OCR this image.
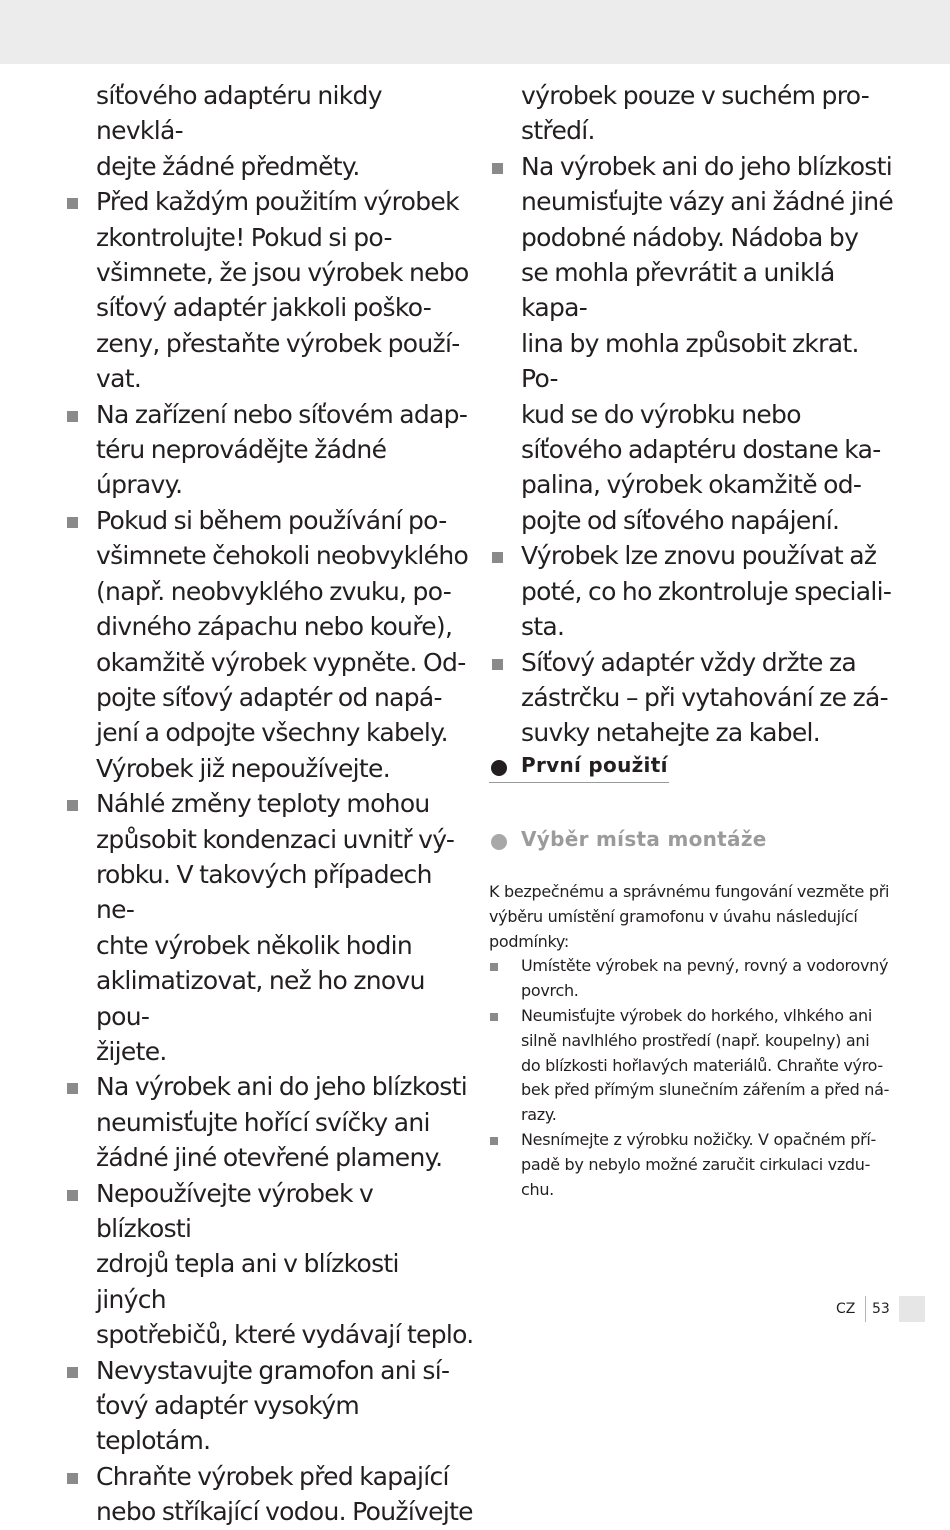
síťového adaptéru nikdy nevklá-

dejte žádné předměty.

Před každým použitím výrobek

zkontrolujte! Pokud si po-

všimnete, že jsou výrobek nebo

síťový adaptér jakkoli poško-

zeny, přestaňte výrobek použí-

vat.

Na zařízení nebo síťovém adap-

téru neprovádějte žádné úpravy.

Pokud si během používání po-

všimnete čehokoli neobvyklého

(např. neobvyklého zvuku, po-

divného zápachu nebo kouře),

okamžitě výrobek vypněte. Od-

pojte síťový adaptér od napá-

jení a odpojte všechny kabely.

Výrobek již nepoužívejte.

Náhlé změny teploty mohou

způsobit kondenzaci uvnitř vý-

robku. V takových případech ne-

chte výrobek několik hodin

aklimatizovat, než ho znovu pou-

žijete.

Na výrobek ani do jeho blízkosti

neumisťujte hořící svíčky ani

žádné jiné otevřené plameny.

Nepoužívejte výrobek v blízkosti

zdrojů tepla ani v blízkosti jiných

spotřebičů, které vydávají teplo.

Nevystavujte gramofon ani sí-

ťový adaptér vysokým teplotám.

Chraňte výrobek před kapající

nebo stříkající vodou. Používejte

výrobek pouze v suchém pro-

středí.

Na výrobek ani do jeho blízkosti

neumisťujte vázy ani žádné jiné

podobné nádoby. Nádoba by

se mohla převrátit a uniklá kapa-

lina by mohla způsobit zkrat. Po-

kud se do výrobku nebo

síťového adaptéru dostane ka-

palina, výrobek okamžitě od-

pojte od síťového napájení.

Výrobek lze znovu používat až

poté, co ho zkontroluje speciali-

sta.

Síťový adaptér vždy držte za

zástrčku – při vytahování ze zá-

suvky netahejte za kabel.

První použití
Výběr místa montáže

K bezpečnému a správnému fungování vezměte při

výběru umístění gramofonu v úvahu následující

podmínky:

Umístěte výrobek na pevný, rovný a vodorovný

povrch.

Neumisťujte výrobek do horkého, vlhkého ani

silně navlhlého prostředí (např. koupelny) ani

do blízkosti hořlavých materiálů. Chraňte výro-

bek před přímým slunečním zářením a před ná-

razy.

Nesnímejte z výrobku nožičky. V opačném pří-

padě by nebylo možné zaručit cirkulaci vzdu-

chu.

CZ 53
